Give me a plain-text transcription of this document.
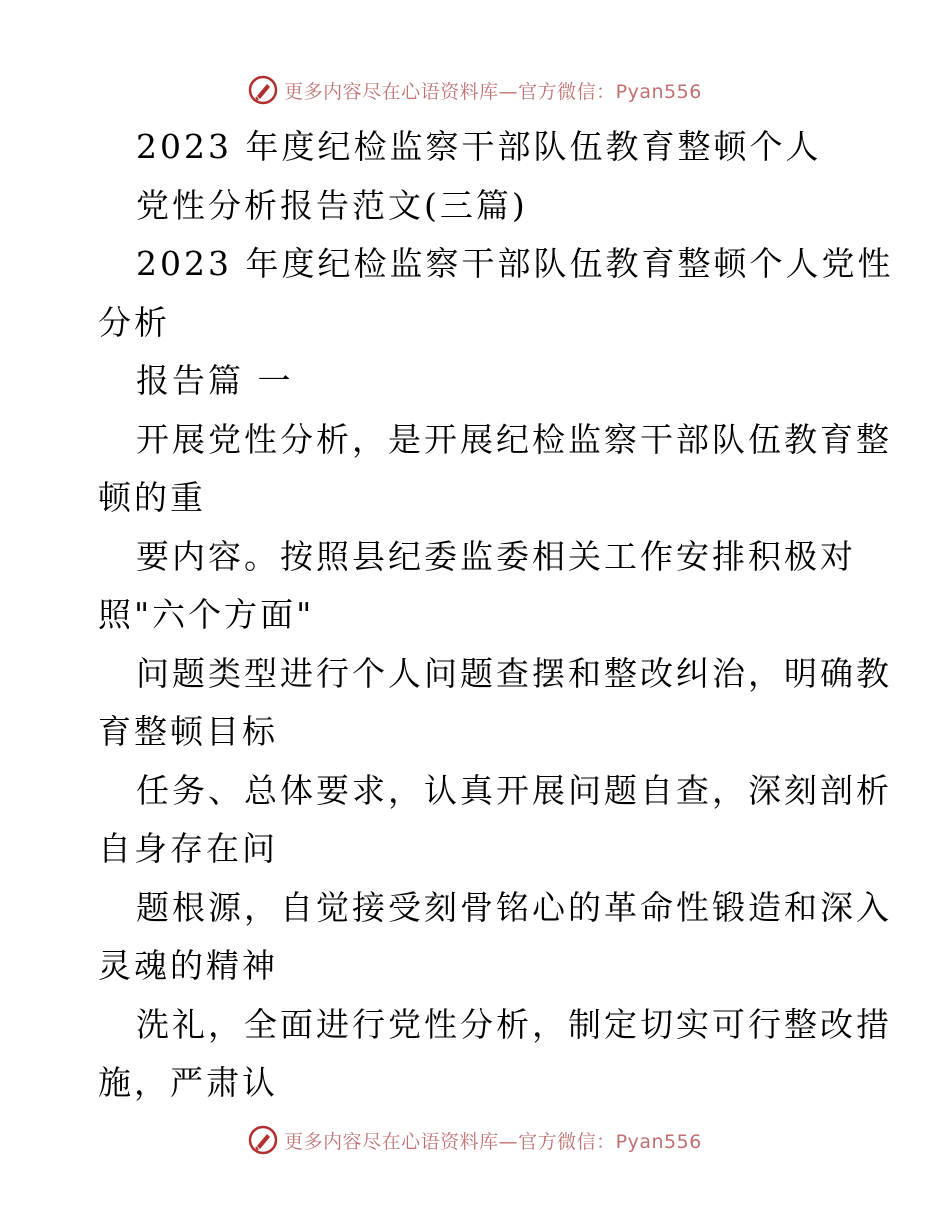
更多内容尽在心语资料库—官方微信：Pyan556
2023 年度纪检监察干部队伍教育整顿个人
党性分析报告范文(三篇)
2023 年度纪检监察干部队伍教育整顿个人党性
分析
报告篇 一
开展党性分析，是开展纪检监察干部队伍教育整
顿的重
要内容。按照县纪委监委相关工作安排积极对
照"六个方面"
问题类型进行个人问题查摆和整改纠治，明确教
育整顿目标
任务、总体要求，认真开展问题自查，深刻剖析
自身存在问
题根源，自觉接受刻骨铭心的革命性锻造和深入
灵魂的精神
洗礼，全面进行党性分析，制定切实可行整改措
施，严肃认
更多内容尽在心语资料库—官方微信：Pyan556
